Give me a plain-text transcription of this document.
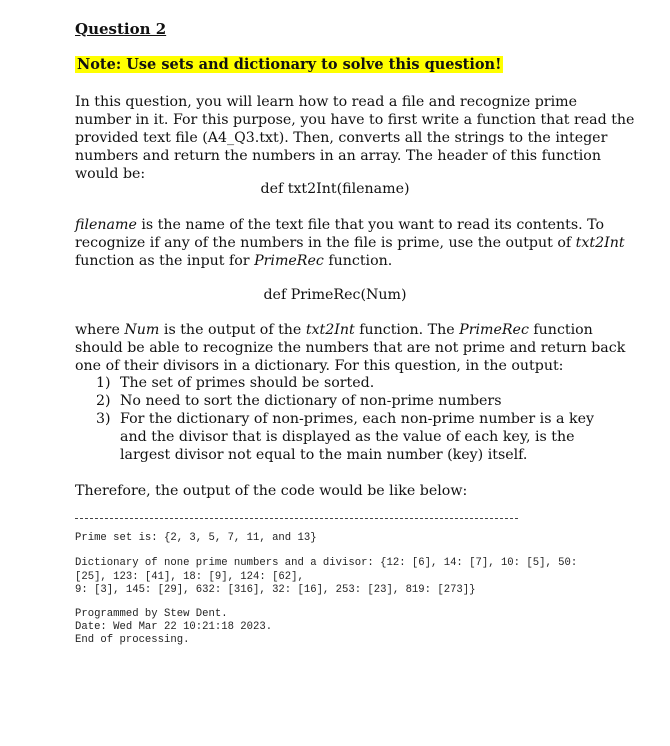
Question 2
Note: Use sets and dictionary to solve this question!
In this question, you will learn how to read a file and recognize prime number in it. For this purpose, you have to first write a function that read the provided text file (A4_Q3.txt). Then, converts all the strings to the integer numbers and return the numbers in an array. The header of this function would be:
def txt2Int(filename)
filename is the name of the text file that you want to read its contents. To recognize if any of the numbers in the file is prime, use the output of txt2Int function as the input for PrimeRec function.
def PrimeRec(Num)
where Num is the output of the txt2Int function. The PrimeRec function should be able to recognize the numbers that are not prime and return back one of their divisors in a dictionary. For this question, in the output:
1) The set of primes should be sorted.
2) No need to sort the dictionary of non-prime numbers
3) For the dictionary of non-primes, each non-prime number is a key and the divisor that is displayed as the value of each key, is the largest divisor not equal to the main number (key) itself.
Therefore, the output of the code would be like below:
Prime set is: {2, 3, 5, 7, 11, and 13}
Dictionary of none prime numbers and a divisor: {12: [6], 14: [7], 10: [5], 50:
[25], 123: [41], 18: [9], 124: [62],
9: [3], 145: [29], 632: [316], 32: [16], 253: [23], 819: [273]}
Programmed by Stew Dent.
Date: Wed Mar 22 10:21:18 2023.
End of processing.
